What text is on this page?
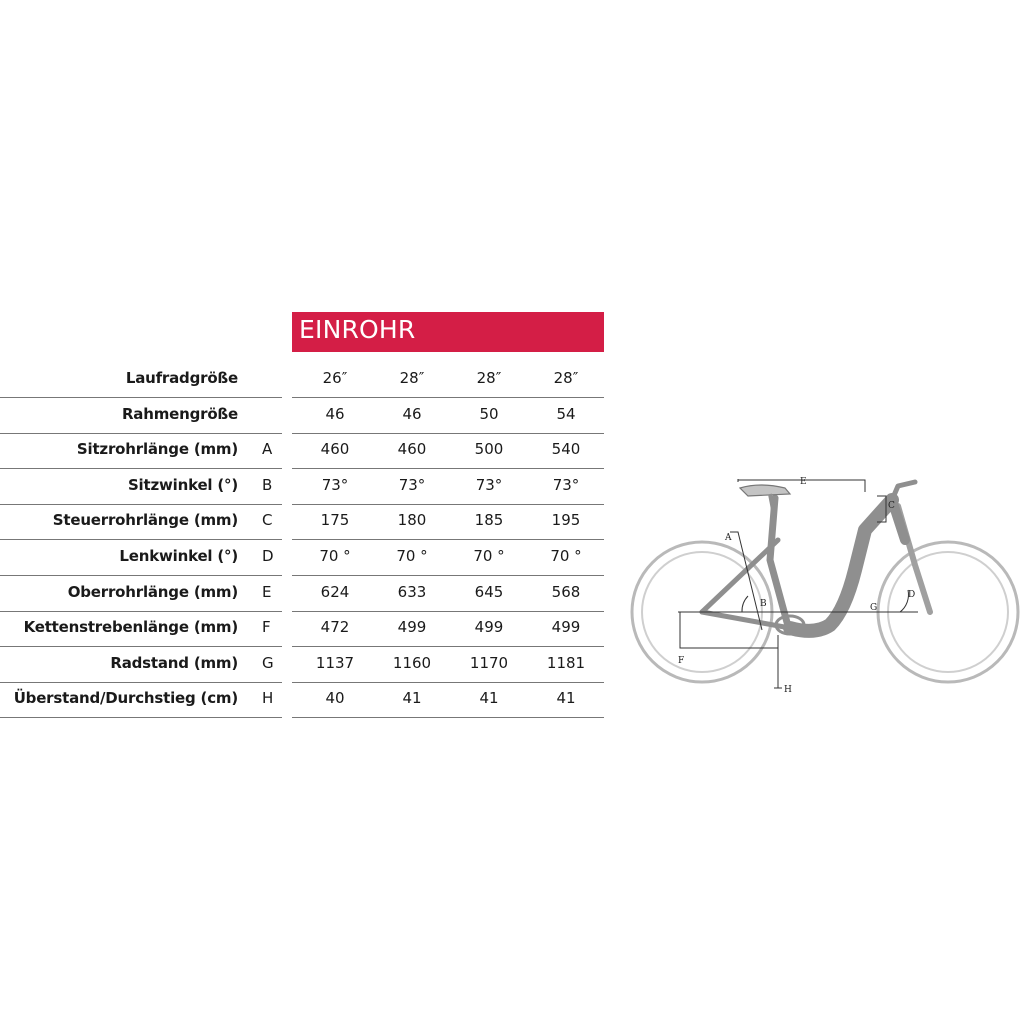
EINROHR
Laufradgröße	26″	28″	28″	28″
Rahmengröße	46	46	50	54
Sitzrohrlänge (mm) A	460	460	500	540
Sitzwinkel (°) B	73°	73°	73°	73°
Steuerrohrlänge (mm) C	175	180	185	195
Lenkwinkel (°) D	70 °	70 °	70 °	70 °
Oberrohrlänge (mm) E	624	633	645	568
Kettenstrebenlänge (mm) F	472	499	499	499
Radstand (mm) G	1137	1160	1170	1181
Überstand/Durchstieg (cm) H	40	41	41	41
E
A
C
B
D
G
F
H
